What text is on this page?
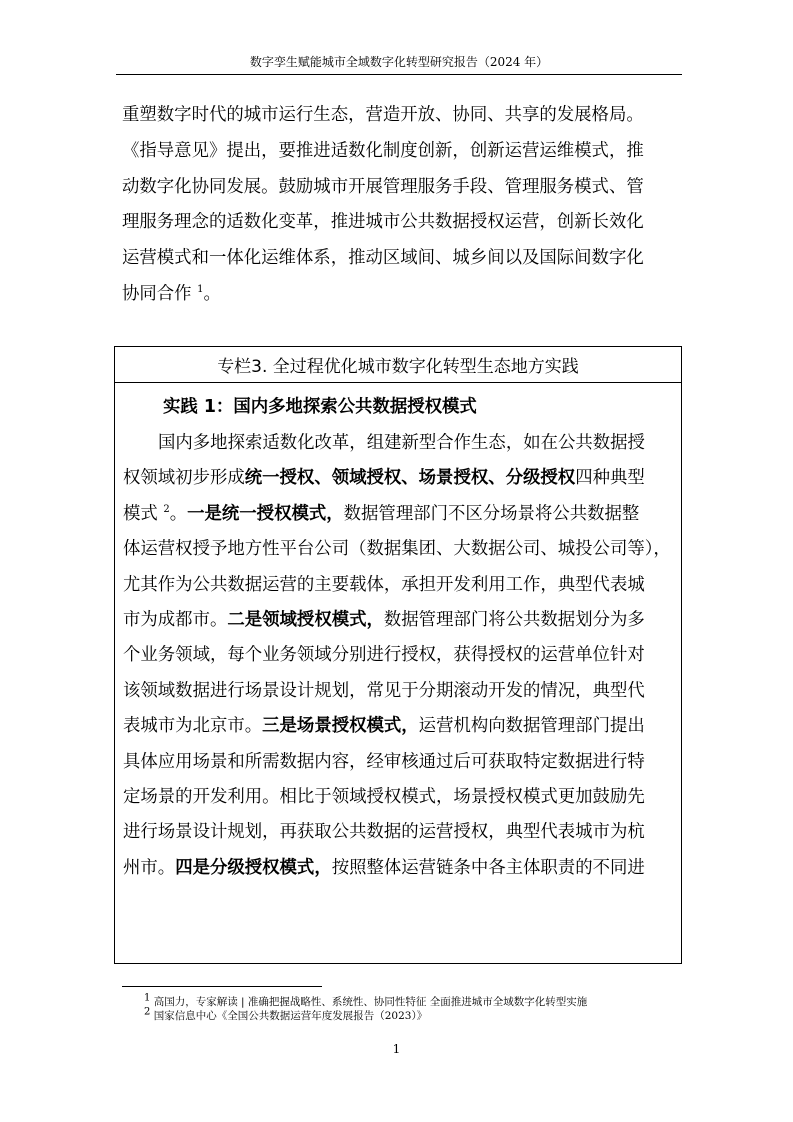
数字孪生赋能城市全域数字化转型研究报告（2024 年）
重塑数字时代的城市运行生态，营造开放、协同、共享的发展格局。
《指导意见》提出，要推进适数化制度创新，创新运营运维模式，推
动数字化协同发展。鼓励城市开展管理服务手段、管理服务模式、管
理服务理念的适数化变革，推进城市公共数据授权运营，创新长效化
运营模式和一体化运维体系，推动区域间、城乡间以及国际间数字化
协同合作 $^1$。
专栏3. 全过程优化城市数字化转型生态地方实践
实践 1：国内多地探索公共数据授权模式
国内多地探索适数化改革，组建新型合作生态，如在公共数据授
权领域初步形成统一授权、领域授权、场景授权、分级授权四种典型
模式 $^2$。一是统一授权模式，数据管理部门不区分场景将公共数据整
体运营权授予地方性平台公司（数据集团、大数据公司、城投公司等），
尤其作为公共数据运营的主要载体，承担开发利用工作，典型代表城
市为成都市。二是领域授权模式，数据管理部门将公共数据划分为多
个业务领域，每个业务领域分别进行授权，获得授权的运营单位针对
该领域数据进行场景设计规划，常见于分期滚动开发的情况，典型代
表城市为北京市。三是场景授权模式，运营机构向数据管理部门提出
具体应用场景和所需数据内容，经审核通过后可获取特定数据进行特
定场景的开发利用。相比于领域授权模式，场景授权模式更加鼓励先
进行场景设计规划，再获取公共数据的运营授权，典型代表城市为杭
州市。四是分级授权模式，按照整体运营链条中各主体职责的不同进
$^1$ 高国力，专家解读 | 准确把握战略性、系统性、协同性特征 全面推进城市全域数字化转型实施
$^2$ 国家信息中心《全国公共数据运营年度发展报告（2023）》
1
